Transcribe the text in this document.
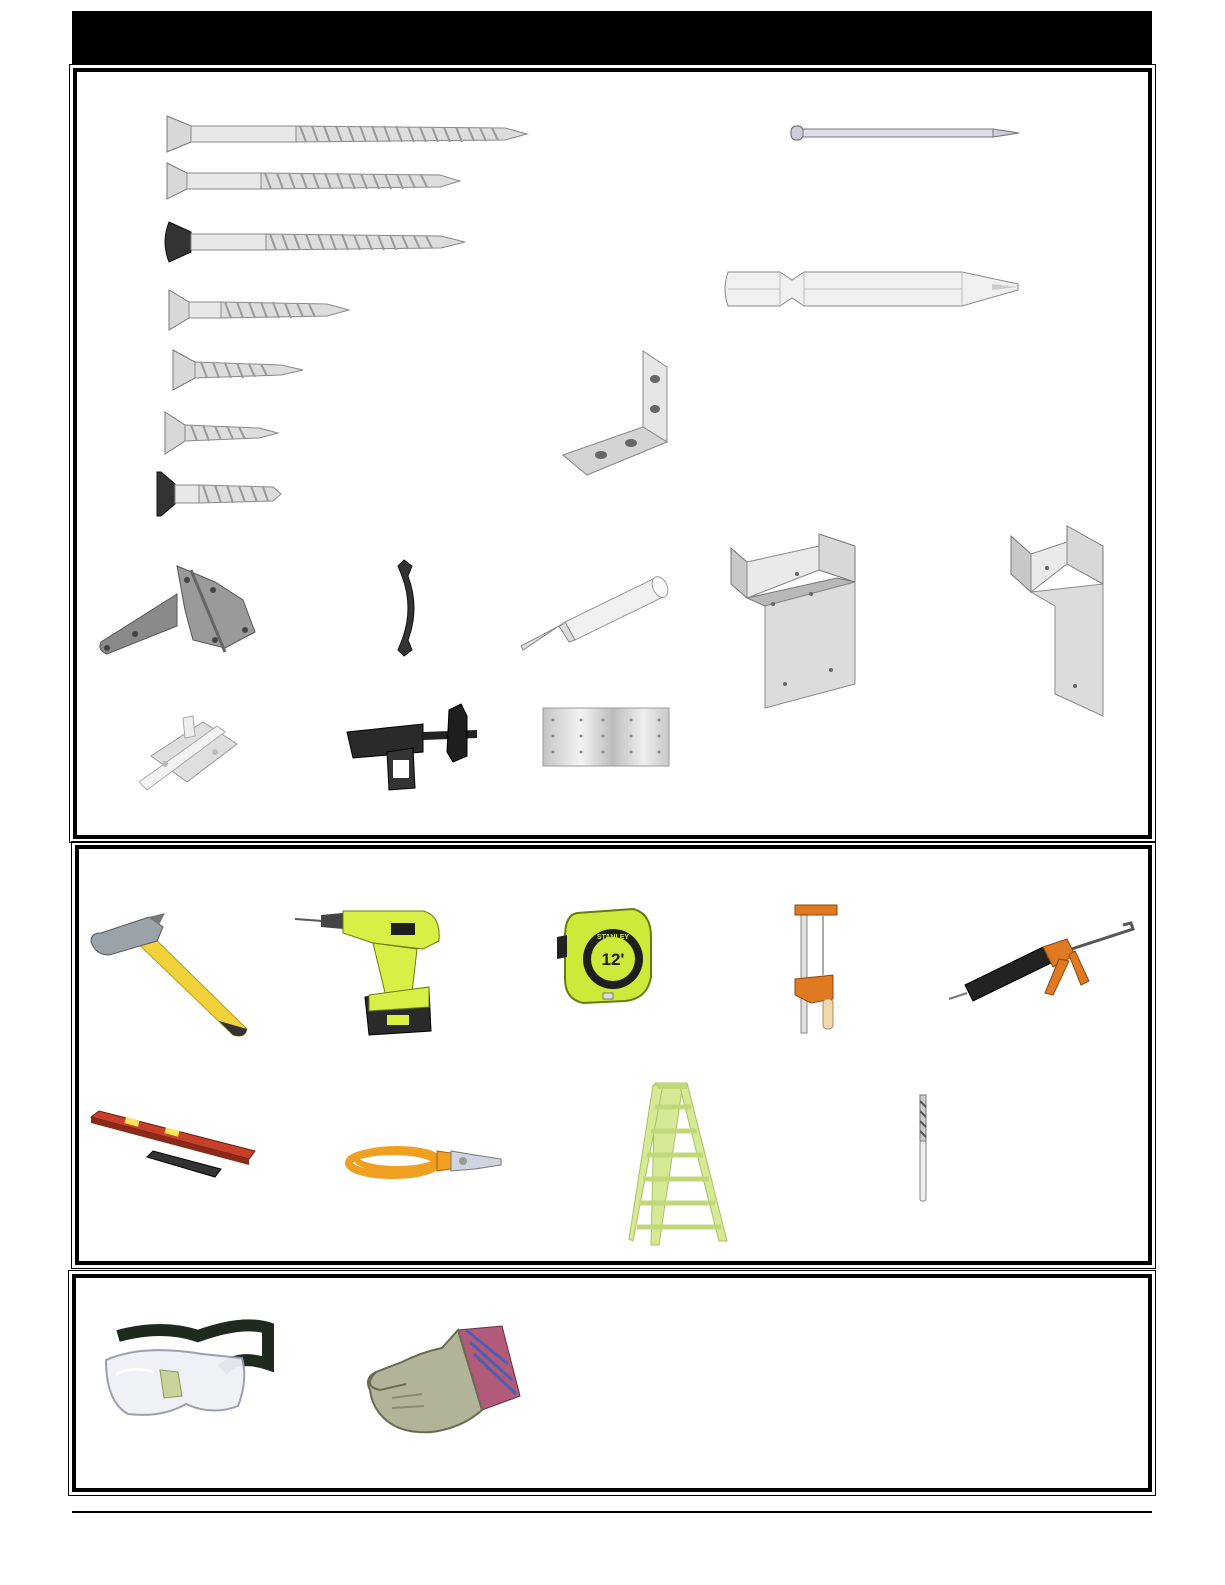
STANLEY
12'
